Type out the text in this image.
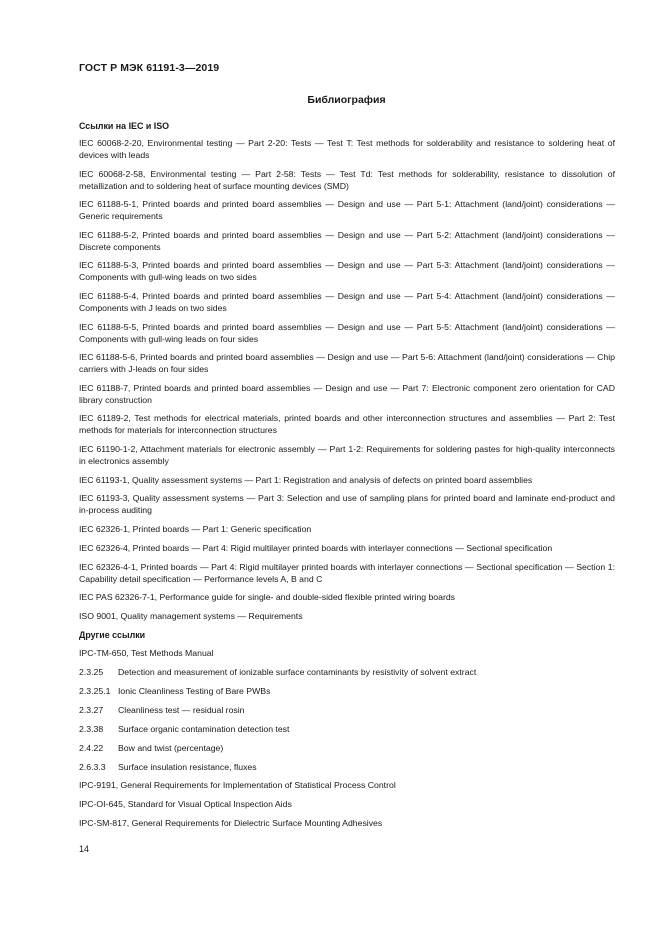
ГОСТ Р МЭК 61191-3—2019
Библиография
Ссылки на IEC и ISO

IEC 60068-2-20, Environmental testing — Part 2-20: Tests — Test T: Test methods for solderability and resistance to soldering heat of devices with leads

IEC 60068-2-58, Environmental testing — Part 2-58: Tests — Test Td: Test methods for solderability, resistance to dissolution of metallization and to soldering heat of surface mounting devices (SMD)

IEC 61188-5-1, Printed boards and printed board assemblies — Design and use — Part 5-1: Attachment (land/joint) considerations — Generic requirements

IEC 61188-5-2, Printed boards and printed board assemblies — Design and use — Part 5-2: Attachment (land/joint) considerations — Discrete components

IEC 61188-5-3, Printed boards and printed board assemblies — Design and use — Part 5-3: Attachment (land/joint) considerations — Components with gull-wing leads on two sides

IEC 61188-5-4, Printed boards and printed board assemblies — Design and use — Part 5-4: Attachment (land/joint) considerations — Components with J leads on two sides

IEC 61188-5-5, Printed boards and printed board assemblies — Design and use — Part 5-5: Attachment (land/joint) considerations — Components with gull-wing leads on four sides

IEC 61188-5-6, Printed boards and printed board assemblies — Design and use — Part 5-6: Attachment (land/joint) considerations — Chip carriers with J-leads on four sides

IEC 61188-7, Printed boards and printed board assemblies — Design and use — Part 7: Electronic component zero orientation for CAD library construction

IEC 61189-2, Test methods for electrical materials, printed boards and other interconnection structures and assemblies — Part 2: Test methods for materials for interconnection structures

IEC 61190-1-2, Attachment materials for electronic assembly — Part 1-2: Requirements for soldering pastes for high-quality interconnects in electronics assembly

IEC 61193-1, Quality assessment systems — Part 1: Registration and analysis of defects on printed board assemblies

IEC 61193-3, Quality assessment systems — Part 3: Selection and use of sampling plans for printed board and laminate end-product and in-process auditing

IEC 62326-1, Printed boards — Part 1: Generic specification

IEC 62326-4, Printed boards — Part 4: Rigid multilayer printed boards with interlayer connections — Sectional specification

IEC 62326-4-1, Printed boards — Part 4: Rigid multilayer printed boards with interlayer connections — Sectional specification — Section 1: Capability detail specification — Performance levels A, B and C

IEC PAS 62326-7-1, Performance guide for single- and double-sided flexible printed wiring boards

ISO 9001, Quality management systems — Requirements

Другие ссылки

IPC-TM-650, Test Methods Manual

2.3.25	Detection and measurement of ionizable surface contaminants by resistivity of solvent extract
2.3.25.1 Ionic Cleanliness Testing of Bare PWBs
2.3.27	Cleanliness test — residual rosin
2.3.38	Surface organic contamination detection test
2.4.22	Bow and twist (percentage)
2.6.3.3	Surface insulation resistance, fluxes

IPC-9191, General Requirements for Implementation of Statistical Process Control

IPC-OI-645, Standard for Visual Optical Inspection Aids

IPC-SM-817, General Requirements for Dielectric Surface Mounting Adhesives

14
